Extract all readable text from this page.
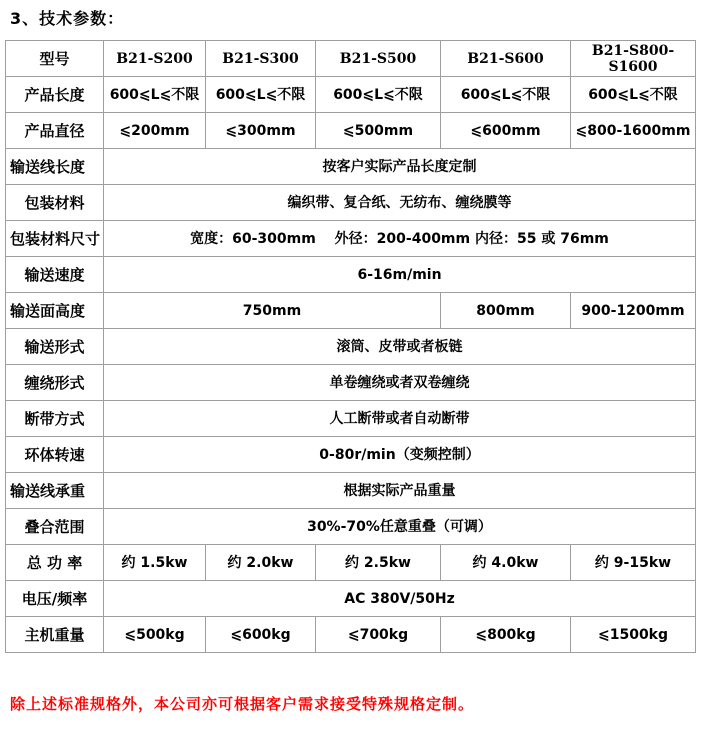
3、技术参数：
型号	B21-S200	B21-S300	B21-S500	B21-S600	B21-S800-S1600
产品长度	600⩽L⩽不限	600⩽L⩽不限	600⩽L⩽不限	600⩽L⩽不限	600⩽L⩽不限
产品直径	⩽200mm	⩽300mm	⩽500mm	⩽600mm	⩽800-1600mm
输送线长度	按客户实际产品长度定制				
包装材料	编织带、复合纸、无纺布、缠绕膜等				
包装材料尺寸	宽度：60-300mm　 外径：200-400mm 内径：55 或 76mm				
输送速度	6-16m/min				
输送面高度	750mm			800mm	900-1200mm
输送形式	滚筒、皮带或者板链				
缠绕形式	单卷缠绕或者双卷缠绕				
断带方式	人工断带或者自动断带				
环体转速	0-80r/min（变频控制）				
输送线承重	根据实际产品重量				
叠合范围	30%-70%任意重叠（可调）				
总 功 率	约 1.5kw	约 2.0kw	约 2.5kw	约 4.0kw	约 9-15kw
电压/频率	AC 380V/50Hz				
主机重量	⩽500kg	⩽600kg	⩽700kg	⩽800kg	⩽1500kg
除上述标准规格外，本公司亦可根据客户需求接受特殊规格定制。
